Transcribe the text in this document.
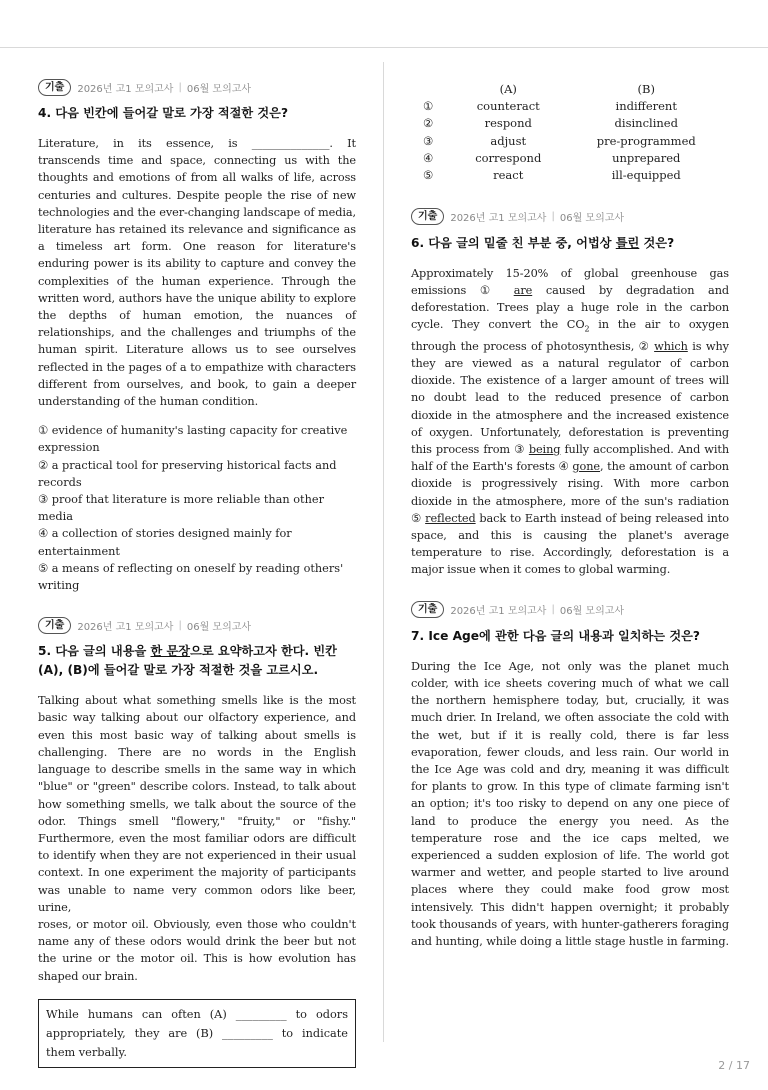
기출	2026년 고1 모의고사 | 06월 모의고사
4. 다음 빈칸에 들어갈 말로 가장 적절한 것은?

Literature, in its essence, is ______________. It transcends time and space, connecting us with the thoughts and emotions of from all walks of life, across centuries and cultures. Despite people the rise of new technologies and the ever-changing landscape of media, literature has retained its relevance and significance as a timeless art form. One reason for literature's enduring power is its ability to capture and convey the complexities of the human experience. Through the written word, authors have the unique ability to explore the depths of human emotion, the nuances of relationships, and the challenges and triumphs of the human spirit. Literature allows us to see ourselves reflected in the pages of a to empathize with characters different from ourselves, and book, to gain a deeper understanding of the human condition.

① evidence of humanity's lasting capacity for creative expression
② a practical tool for preserving historical facts and records
③ proof that literature is more reliable than other media
④ a collection of stories designed mainly for entertainment
⑤ a means of reflecting on oneself by reading others' writing
기출	2026년 고1 모의고사 | 06월 모의고사
5. 다음 글의 내용을 한 문장으로 요약하고자 한다. 빈칸 (A), (B)에 들어갈 말로 가장 적절한 것을 고르시오.

Talking about what something smells like is the most basic way talking about our olfactory experience, and even this most basic way of talking about smells is challenging. There are no words in the English language to describe smells in the same way in which "blue" or "green" describe colors. Instead, to talk about how something smells, we talk about the source of the odor. Things smell "flowery," "fruity," or "fishy." Furthermore, even the most familiar odors are difficult to identify when they are not experienced in their usual context. In one experiment the majority of participants was unable to name very common odors like beer, urine,

roses, or motor oil. Obviously, even those who couldn't name any of these odors would drink the beer but not the urine or the motor oil. This is how evolution has shaped our brain.

While humans can often (A) _________ to odors appropriately, they are (B) _________ to indicate them verbally.
	(A)	(B)
①	counteract	indifferent
②	respond	disinclined
③	adjust	pre-programmed
④	correspond	unprepared
⑤	react	ill-equipped
기출	2026년 고1 모의고사 | 06월 모의고사
6. 다음 글의 밑줄 친 부분 중, 어법상 틀린 것은?

Approximately 15-20% of global greenhouse gas emissions ① are caused by degradation and deforestation. Trees play a huge role in the carbon cycle. They convert the $CO_2$ in the air to oxygen through the process of photosynthesis, ② which is why they are viewed as a natural regulator of carbon dioxide. The existence of a larger amount of trees will no doubt lead to the reduced presence of carbon dioxide in the atmosphere and the increased existence of oxygen. Unfortunately, deforestation is preventing this process from ③ being fully accomplished. And with half of the Earth's forests ④ gone, the amount of carbon dioxide is progressively rising. With more carbon dioxide in the atmosphere, more of the sun's radiation ⑤ reflected back to Earth instead of being released into space, and this is causing the planet's average temperature to rise. Accordingly, deforestation is a major issue when it comes to global warming.

기출	2026년 고1 모의고사 | 06월 모의고사
7. Ice Age에 관한 다음 글의 내용과 일치하는 것은?

During the Ice Age, not only was the planet much colder, with ice sheets covering much of what we call the northern hemisphere today, but, crucially, it was much drier. In Ireland, we often associate the cold with the wet, but if it is really cold, there is far less evaporation, fewer clouds, and less rain. Our world in the Ice Age was cold and dry, meaning it was difficult for plants to grow. In this type of climate farming isn't an option; it's too risky to depend on any one piece of land to produce the energy you need. As the temperature rose and the ice caps melted, we experienced a sudden explosion of life. The world got warmer and wetter, and people started to live around places where they could make food grow most intensively. This didn't happen overnight; it probably took thousands of years, with hunter-gatherers foraging and hunting, while doing a little stage hustle in farming.

2 / 17
